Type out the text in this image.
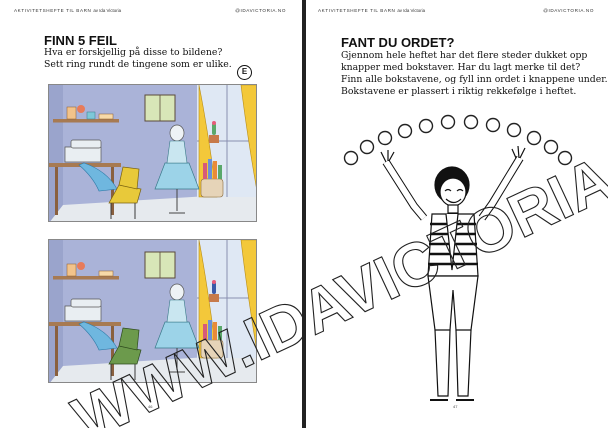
AKTIVITETSHEFTE TIL BARN av Ida Victoria	@IDAVICTORIA.NO
FINN 5 FEIL
Hva er forskjellig på disse to bildene?
Sett ring rundt de tingene som er ulike.
E
46
AKTIVITETSHEFTE TIL BARN av Ida Victoria	@IDAVICTORIA.NO
FANT DU ORDET?
Gjennom hele heftet har det flere steder dukket opp
knapper med bokstaver. Har du lagt merke til det?
Finn alle bokstavene, og fyll inn ordet i knappene under.
Bokstavene er plassert i riktig rekkefølge i heftet.
47
